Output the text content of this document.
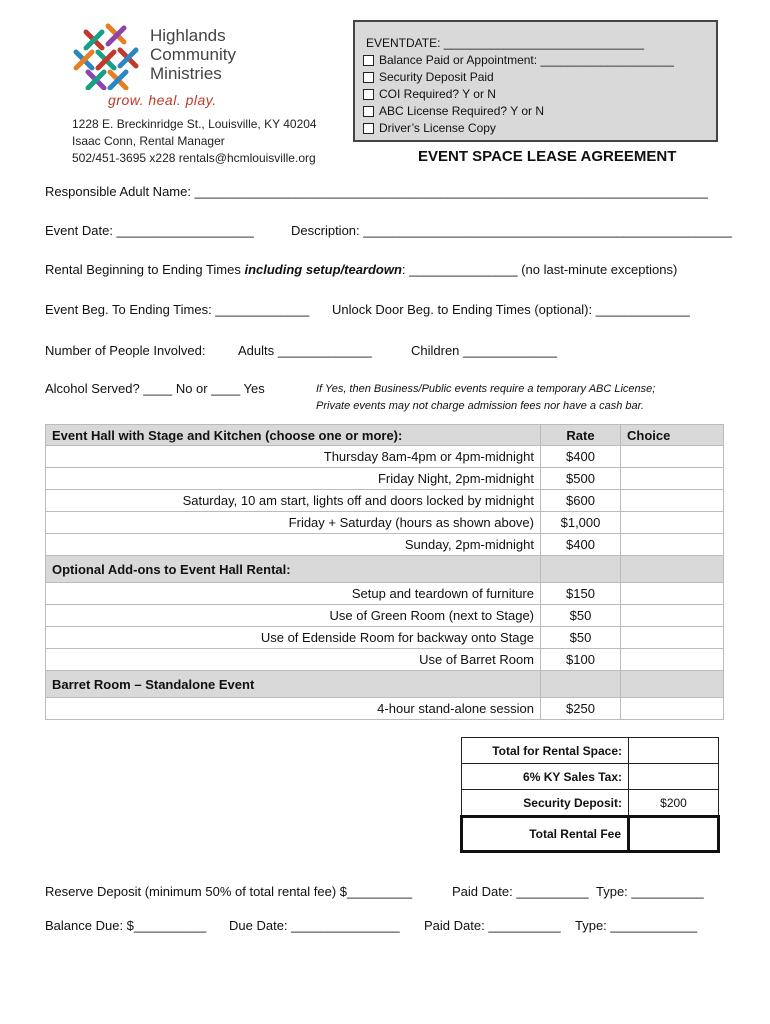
Highlands
Community
Ministries
grow. heal. play.
1228 E. Breckinridge St., Louisville, KY 40204
Isaac Conn, Rental Manager
502/451-3695 x228 rentals@hcmlouisville.org
EVENTDATE: ______________________________
Balance Paid or Appointment: ____________________
Security Deposit Paid
COI Required? Y or N
ABC License Required? Y or N
Driver’s License Copy
EVENT SPACE LEASE AGREEMENT
Responsible Adult Name: _______________________________________________________________________
Event Date: ___________________	Description: ___________________________________________________
Rental Beginning to Ending Times including setup/teardown: _______________ (no last-minute exceptions)
Event Beg. To Ending Times: _____________ Unlock Door Beg. to Ending Times (optional): _____________
Number of People Involved:	Adults _____________	Children _____________
Alcohol Served? ____ No or ____ Yes	If Yes, then Business/Public events require a temporary ABC License;
Private events may not charge admission fees nor have a cash bar.
Event Hall with Stage and Kitchen (choose one or more):	Rate	Choice
Thursday 8am-4pm or 4pm-midnight	$400	
Friday Night, 2pm-midnight	$500	
Saturday, 10 am start, lights off and doors locked by midnight	$600	
Friday + Saturday (hours as shown above)	$1,000	
Sunday, 2pm-midnight	$400	
Optional Add-ons to Event Hall Rental:		
Setup and teardown of furniture	$150	
Use of Green Room (next to Stage)	$50	
Use of Edenside Room for backway onto Stage	$50	
Use of Barret Room	$100	
Barret Room – Standalone Event		
4-hour stand-alone session	$250	
Total for Rental Space:	
6% KY Sales Tax:	
Security Deposit:	$200
Total Rental Fee	
Reserve Deposit (minimum 50% of total rental fee) $_________	Paid Date: __________ Type: __________
Balance Due: $__________ Due Date: _______________ Paid Date: __________ Type: ____________
